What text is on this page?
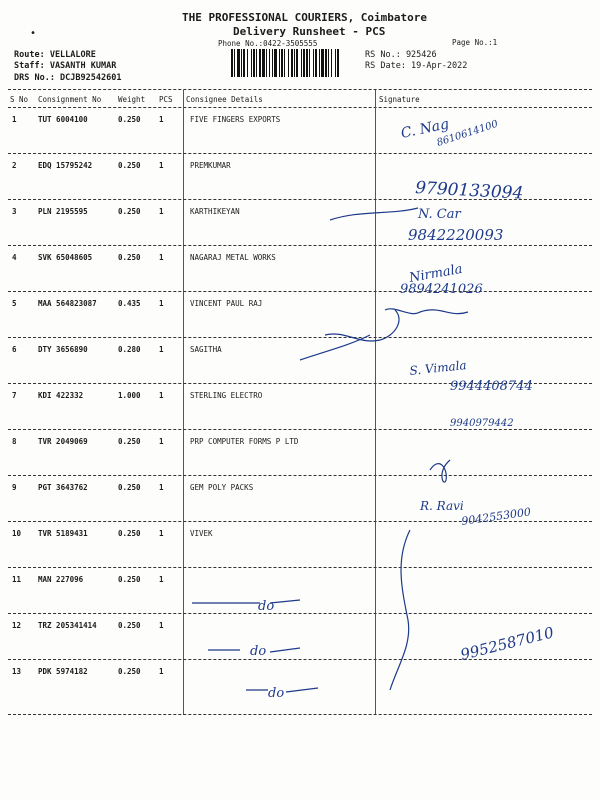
•
THE PROFESSIONAL COURIERS, Coimbatore
Delivery Runsheet - PCS
Phone No.:0422-3505555	Page No.:1
Route: VELLALORE
Staff: VASANTH KUMAR
DRS No.: DCJB92542601
RS No.: 925426
RS Date: 19-Apr-2022
S No Consignment No Weight PCS Consignee Details	Signature
1	TUT 6004100	0.250 1	FIVE FINGERS EXPORTS
2	EDQ 15795242	0.250 1	PREMKUMAR
3	PLN 2195595	0.250 1	KARTHIKEYAN
4	SVK 65048605	0.250 1	NAGARAJ METAL WORKS
5	MAA 564823087	0.435 1	VINCENT PAUL RAJ
6	DTY 3656890	0.280 1	SAGITHA
7	KDI 422332	1.000 1	STERLING ELECTRO
8	TVR 2049069	0.250 1	PRP COMPUTER FORMS P LTD
9	PGT 3643762	0.250 1	GEM POLY PACKS
10 TVR 5189431	0.250 1	VIVEK
11 MAN 227096	0.250 1
12 TRZ 205341414	0.250 1
13 PDK 5974182	0.250 1
C. Nag
8610614100
9790133094
N. Car
9842220093
Nirmala
9894241026
S. Vimala
9944408744
9940979442
R. Ravi
9042553000
do
do
do
9952587010
